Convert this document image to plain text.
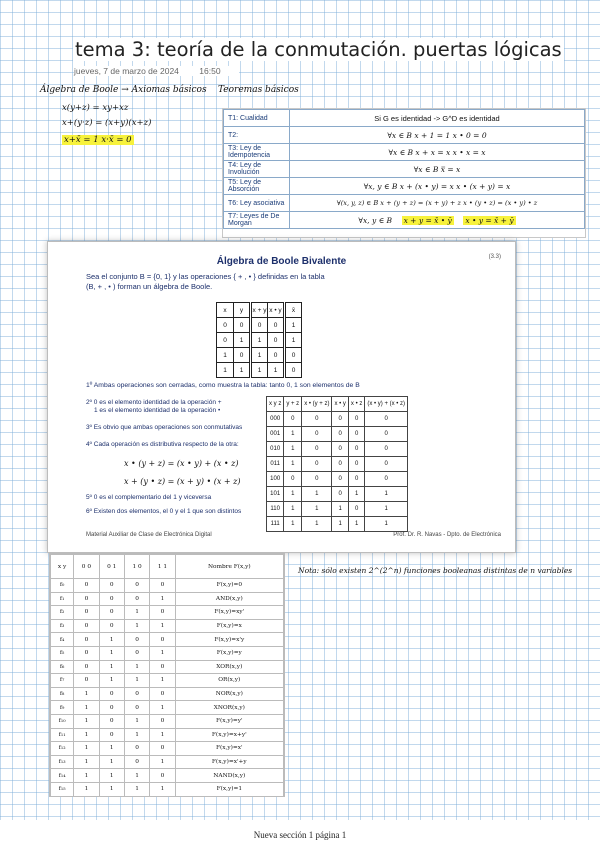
tema 3: teoría de la conmutación. puertas lógicas
jueves, 7 de marzo de 2024 16:50
Álgebra de Boole → Axiomas básicos Teoremas básicos
x(y+z) = xy+xz
x+(y·z) = (x+y)(x+z)
x+x̄ = 1 x·x̄ = 0
T1: Cualidad	Si G es identidad -> G^D es identidad
T2:	∀x ∈ B x + 1 = 1 x • 0 = 0
T3: Ley de Idempotencia	∀x ∈ B x + x = x x • x = x
T4: Ley de Involución	∀x ∈ B x̿ = x
T5: Ley de Absorción	∀x, y ∈ B x + (x • y) = x x • (x + y) = x
T6: Ley asociativa	∀(x, y, z) ∈ B x + (y + z) = (x + y) + z x • (y • z) = (x • y) • z
T7: Leyes de De Morgan	∀x, y ∈ B x + y = x̄ • ȳ x • y = x̄ + ȳ
Álgebra de Boole Bivalente	(3.3)
Sea el conjunto B = {0, 1} y las operaciones { + , • } definidas en la tabla
(B, + , • ) forman un álgebra de Boole.
x	y	x + y	x • y	x̄
0	0	0	0	1
0	1	1	0	1
1	0	1	0	0
1	1	1	1	0
1º Ambas operaciones son cerradas, como muestra la tabla: tanto 0, 1 son elementos de B
2º 0 es el elemento identidad de la operación +
1 es el elemento identidad de la operación •
3º Es obvio que ambas operaciones son conmutativas
4º Cada operación es distributiva respecto de la otra:
x • (y + z) = (x • y) + (x • z)
x + (y • z) = (x + y) • (x + z)
5º 0 es el complementario del 1 y viceversa
6º Existen dos elementos, el 0 y el 1 que son distintos
x y z	y + z	x • (y + z)	x • y	x • z	(x • y) + (x • z)
000	0	0	0	0	0
001	1	0	0	0	0
010	1	0	0	0	0
011	1	0	0	0	0
100	0	0	0	0	0
101	1	1	0	1	1
110	1	1	1	0	1
111	1	1	1	1	1
Material Auxiliar de Clase de Electrónica Digital	Prof. Dr. R. Navas - Dpto. de Electrónica
x y	0 0	0 1	1 0	1 1	Nombre F(x,y)
f₀	0	0	0	0	F(x,y)=0
f₁	0	0	0	1	AND(x,y)
f₂	0	0	1	0	F(x,y)=xy'
f₃	0	0	1	1	F(x,y)=x
f₄	0	1	0	0	F(x,y)=x'y
f₅	0	1	0	1	F(x,y)=y
f₆	0	1	1	0	XOR(x,y)
f₇	0	1	1	1	OR(x,y)
f₈	1	0	0	0	NOR(x,y)
f₉	1	0	0	1	XNOR(x,y)
f₁₀	1	0	1	0	F(x,y)=y'
f₁₁	1	0	1	1	F(x,y)=x+y'
f₁₂	1	1	0	0	F(x,y)=x'
f₁₃	1	1	0	1	F(x,y)=x'+y
f₁₄	1	1	1	0	NAND(x,y)
f₁₅	1	1	1	1	F(x,y)=1
Nota: sólo existen 2^(2^n) funciones booleanas distintas de n variables
Nueva sección 1 página 1
